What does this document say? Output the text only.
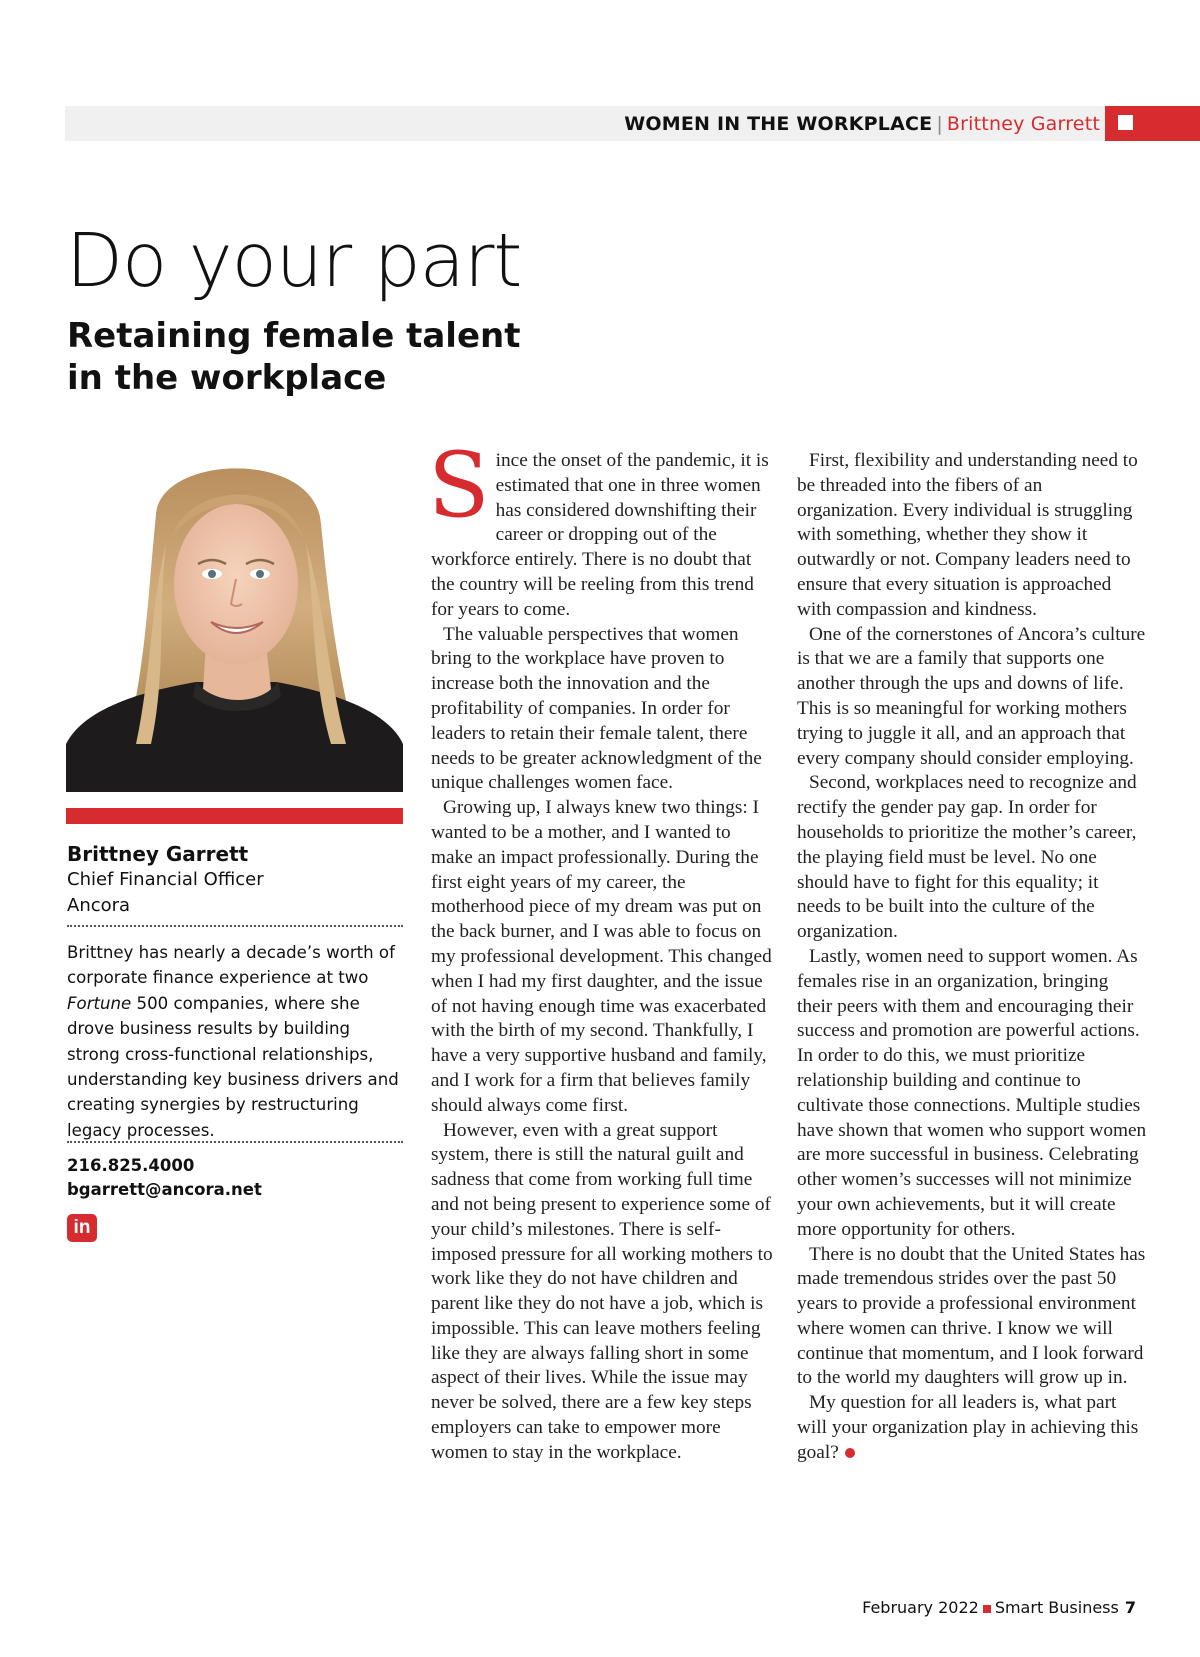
WOMEN IN THE WORKPLACE | Brittney Garrett
Do your part
Retaining female talent in the workplace
Brittney Garrett
Chief Financial Officer
Ancora

Brittney has nearly a decade’s worth of corporate finance experience at two Fortune 500 companies, where she drove business results by building strong cross-functional relationships, understanding key business drivers and creating synergies by restructuring legacy processes.

216.825.4000
bgarrett@ancora.net
in

Since the onset of the pandemic, it is estimated that one in three women has considered downshifting their career or dropping out of the workforce entirely. There is no doubt that the country will be reeling from this trend for years to come.

The valuable perspectives that women bring to the workplace have proven to increase both the innovation and the profitability of companies. In order for leaders to retain their female talent, there needs to be greater acknowledgment of the unique challenges women face.

Growing up, I always knew two things: I wanted to be a mother, and I wanted to make an impact professionally. During the first eight years of my career, the motherhood piece of my dream was put on the back burner, and I was able to focus on my professional development. This changed when I had my first daughter, and the issue of not having enough time was exacerbated with the birth of my second. Thankfully, I have a very supportive husband and family, and I work for a firm that believes family should always come first.

However, even with a great support system, there is still the natural guilt and sadness that come from working full time and not being present to experience some of your child’s milestones. There is self-imposed pressure for all working mothers to work like they do not have children and parent like they do not have a job, which is impossible. This can leave mothers feeling like they are always falling short in some aspect of their lives. While the issue may never be solved, there are a few key steps employers can take to empower more women to stay in the workplace.

First, flexibility and understanding need to be threaded into the fibers of an organization. Every individual is struggling with something, whether they show it outwardly or not. Company leaders need to ensure that every situation is approached with compassion and kindness.

One of the cornerstones of Ancora’s culture is that we are a family that supports one another through the ups and downs of life. This is so meaningful for working mothers trying to juggle it all, and an approach that every company should consider employing.

Second, workplaces need to recognize and rectify the gender pay gap. In order for households to prioritize the mother’s career, the playing field must be level. No one should have to fight for this equality; it needs to be built into the culture of the organization.

Lastly, women need to support women. As females rise in an organization, bringing their peers with them and encouraging their success and promotion are powerful actions. In order to do this, we must prioritize relationship building and continue to cultivate those connections. Multiple studies have shown that women who support women are more successful in business. Celebrating other women’s successes will not minimize your own achievements, but it will create more opportunity for others.

There is no doubt that the United States has made tremendous strides over the past 50 years to provide a professional environment where women can thrive. I know we will continue that momentum, and I look forward to the world my daughters will grow up in.

My question for all leaders is, what part will your organization play in achieving this goal?

February 2022 Smart Business 7
